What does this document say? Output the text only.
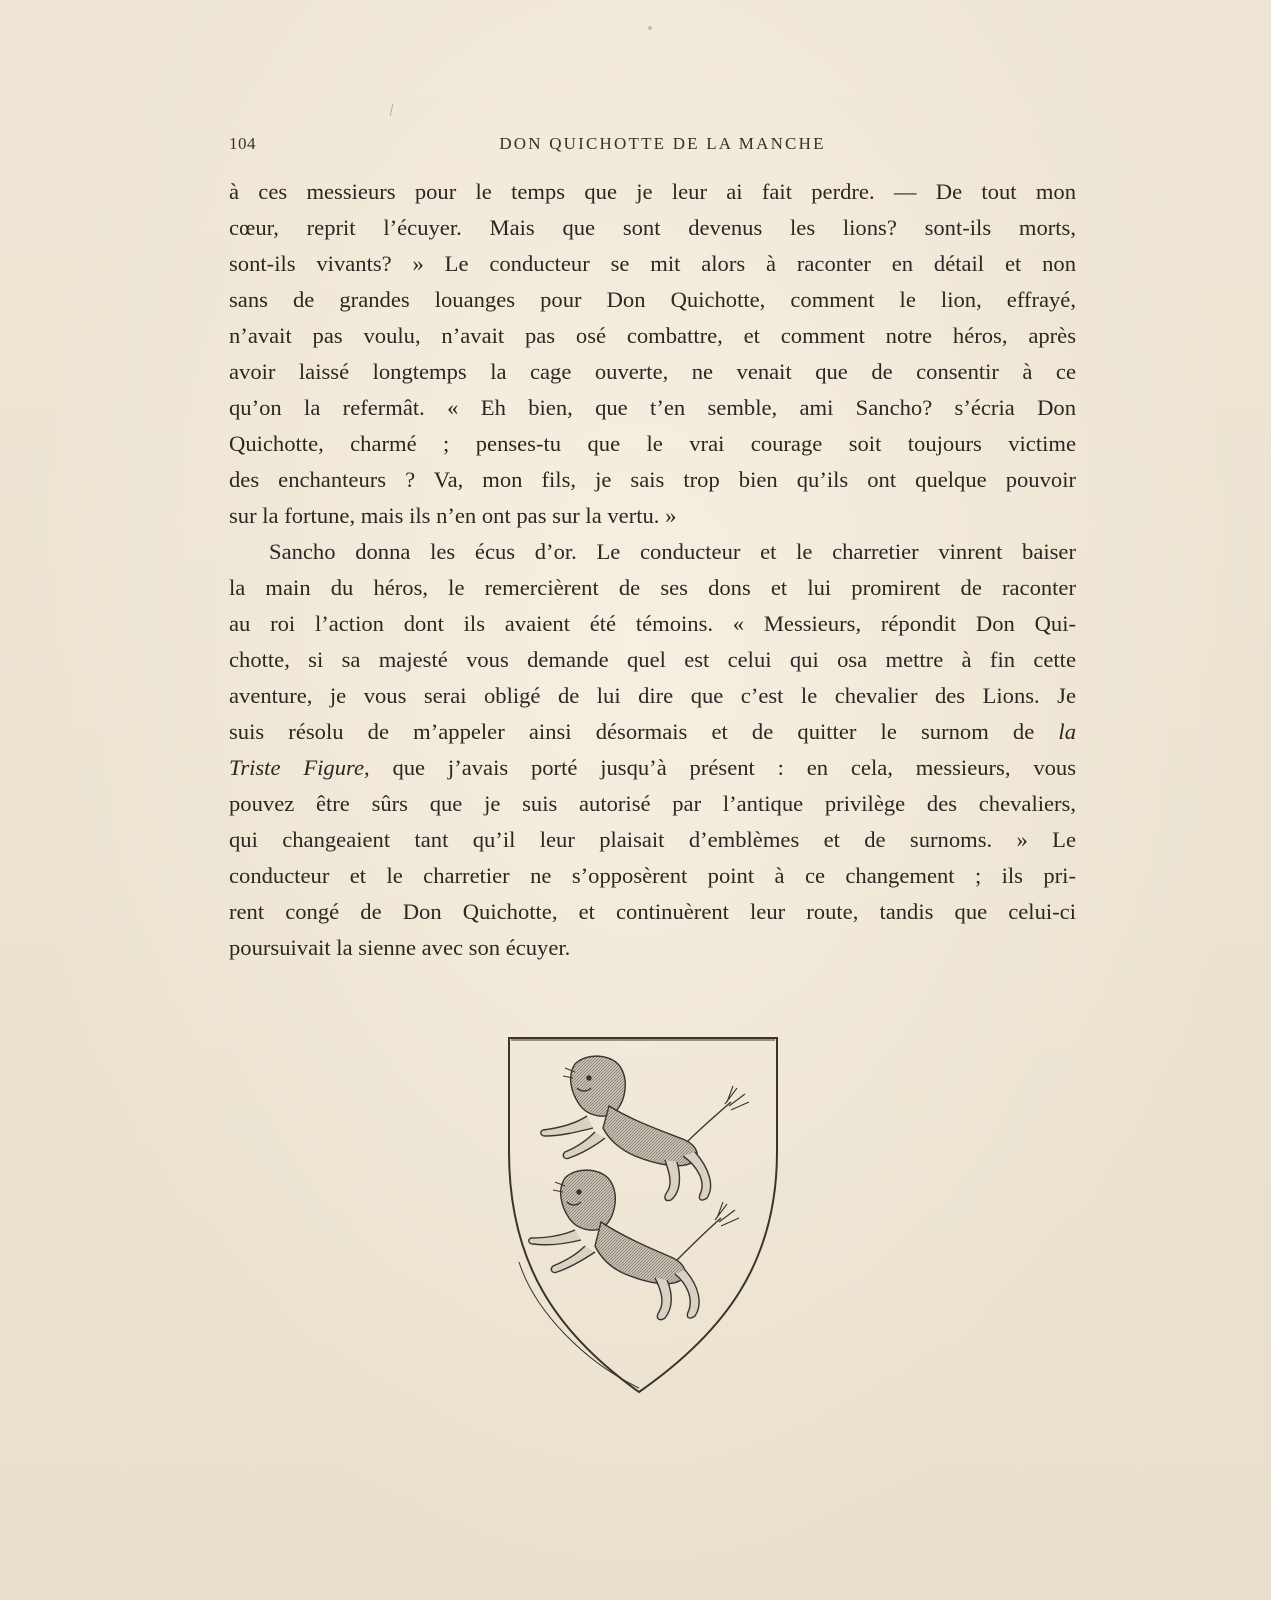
104	DON QUICHOTTE DE LA MANCHE
à ces messieurs pour le temps que je leur ai fait perdre. — De tout mon
cœur, reprit l’écuyer. Mais que sont devenus les lions? sont-ils morts,
sont-ils vivants? » Le conducteur se mit alors à raconter en détail et non
sans de grandes louanges pour Don Quichotte, comment le lion, effrayé,
n’avait pas voulu, n’avait pas osé combattre, et comment notre héros, après
avoir laissé longtemps la cage ouverte, ne venait que de consentir à ce
qu’on la refermât. « Eh bien, que t’en semble, ami Sancho? s’écria Don
Quichotte, charmé ; penses-tu que le vrai courage soit toujours victime
des enchanteurs ? Va, mon fils, je sais trop bien qu’ils ont quelque pouvoir
sur la fortune, mais ils n’en ont pas sur la vertu. »
Sancho donna les écus d’or. Le conducteur et le charretier vinrent baiser
la main du héros, le remercièrent de ses dons et lui promirent de raconter
au roi l’action dont ils avaient été témoins. « Messieurs, répondit Don Qui-
chotte, si sa majesté vous demande quel est celui qui osa mettre à fin cette
aventure, je vous serai obligé de lui dire que c’est le chevalier des Lions. Je
suis résolu de m’appeler ainsi désormais et de quitter le surnom de la
Triste Figure, que j’avais porté jusqu’à présent : en cela, messieurs, vous
pouvez être sûrs que je suis autorisé par l’antique privilège des chevaliers,
qui changeaient tant qu’il leur plaisait d’emblèmes et de surnoms. » Le
conducteur et le charretier ne s’opposèrent point à ce changement ; ils pri-
rent congé de Don Quichotte, et continuèrent leur route, tandis que celui-ci
poursuivait la sienne avec son écuyer.
